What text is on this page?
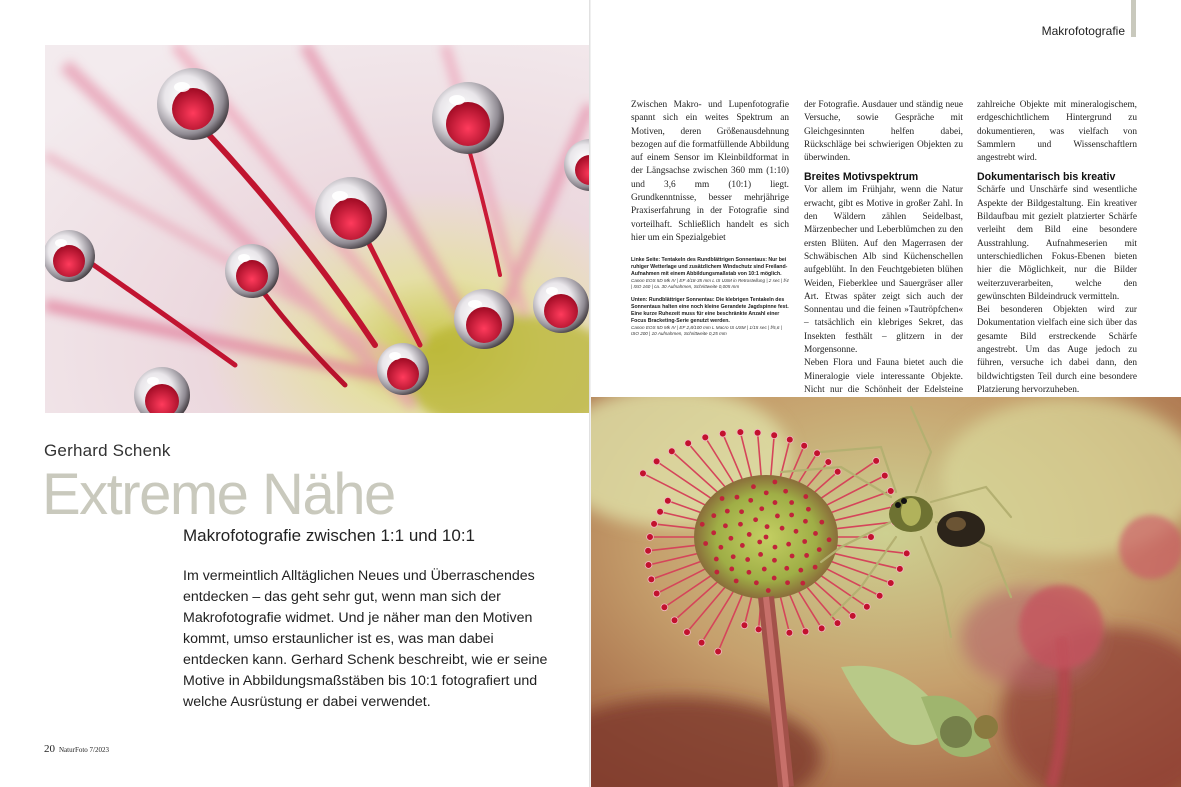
Gerhard Schenk
Extreme Nähe
Makrofotografie zwischen 1:1 und 10:1

Im vermeintlich Alltäglichen Neues und Überraschendes entdecken – das geht sehr gut, wenn man sich der Makrofotografie widmet. Und je näher man den Motiven kommt, umso erstaunlicher ist es, was man dabei entdecken kann. Gerhard Schenk beschreibt, wie er seine Motive in Abbildungsmaßstäben bis 10:1 fotografiert und welche Ausrüstung er dabei verwendet.

20 NaturFoto 7/2023
Makrofotografie

Zwischen Makro- und Lupenfotografie spannt sich ein weites Spektrum an Motiven, deren Größenausdehnung bezogen auf die formatfüllende Abbildung auf einem Sensor im Kleinbildformat in der Längsachse zwischen 360 mm (1:10) und 3,6 mm (10:1) liegt. Grundkenntnisse, besser mehrjährige Praxiserfahrung in der Fotografie sind vorteilhaft. Schließlich handelt es sich hier um ein Spezialgebiet

Linke Seite: Tentakeln des Rundblättrigen Sonnentaus: Nur bei ruhiger Wetterlage und zusätzlichem Windschutz sind Freiland-Aufnahmen mit einem Abbildungsmaßstab von 10:1 möglich.
Canon EOS 5D Mk IV | EF 4/18-35 mm L IS USM in Retrostellung | 2 sec | f/4 | ISO 160 | ca. 30 Aufnahmen, Schrittweite 0,005 mm
Unten: Rundblättriger Sonnentau: Die klebrigen Tentakeln des Sonnentaus halten eine noch kleine Gerandete Jagdspinne fest. Eine kurze Ruhezeit muss für eine beschränkte Anzahl einer Focus Bracketing-Serie genutzt werden.
Canon EOS 5D Mk IV | EF 2,8/100 mm L Macro IS USM | 1/15 sec | f/5,6 | ISO 200 | 10 Aufnahmen, Schrittweite 0,25 mm

der Fotografie. Ausdauer und ständig neue Versuche, sowie Gespräche mit Gleichgesinnten helfen dabei, Rückschläge bei schwierigen Objekten zu überwinden.

Breites Motivspektrum

Vor allem im Frühjahr, wenn die Natur erwacht, gibt es Motive in großer Zahl. In den Wäldern zählen Seidelbast, Märzenbecher und Leberblümchen zu den ersten Blüten. Auf den Magerrasen der Schwäbischen Alb sind Küchenschellen aufgeblüht. In den Feuchtgebieten blühen Weiden, Fieberklee und Sauergräser aller Art. Etwas später zeigt sich auch der Sonnentau und die feinen »Tautröpfchen« – tatsächlich ein klebriges Sekret, das Insekten festhält – glitzern in der Morgensonne.

Neben Flora und Fauna bietet auch die Mineralogie viele interessante Objekte. Nicht nur die Schönheit der Edelsteine

zahlreiche Objekte mit mineralogischem, erdgeschichtlichem Hintergrund zu dokumentieren, was vielfach von Sammlern und Wissenschaftlern angestrebt wird.

Dokumentarisch bis kreativ

Schärfe und Unschärfe sind wesentliche Aspekte der Bildgestaltung. Ein kreativer Bildaufbau mit gezielt platzierter Schärfe verleiht dem Bild eine besondere Ausstrahlung. Aufnahmeserien mit unterschiedlichen Fokus-Ebenen bieten hier die Möglichkeit, nur die Bilder weiterzuverarbeiten, welche den gewünschten Bildeindruck vermitteln.

Bei besonderen Objekten wird zur Dokumentation vielfach eine sich über das gesamte Bild erstreckende Schärfe angestrebt. Um das Auge jedoch zu führen, versuche ich dabei dann, den bildwichtigsten Teil durch eine besondere Platzierung hervorzuheben.
